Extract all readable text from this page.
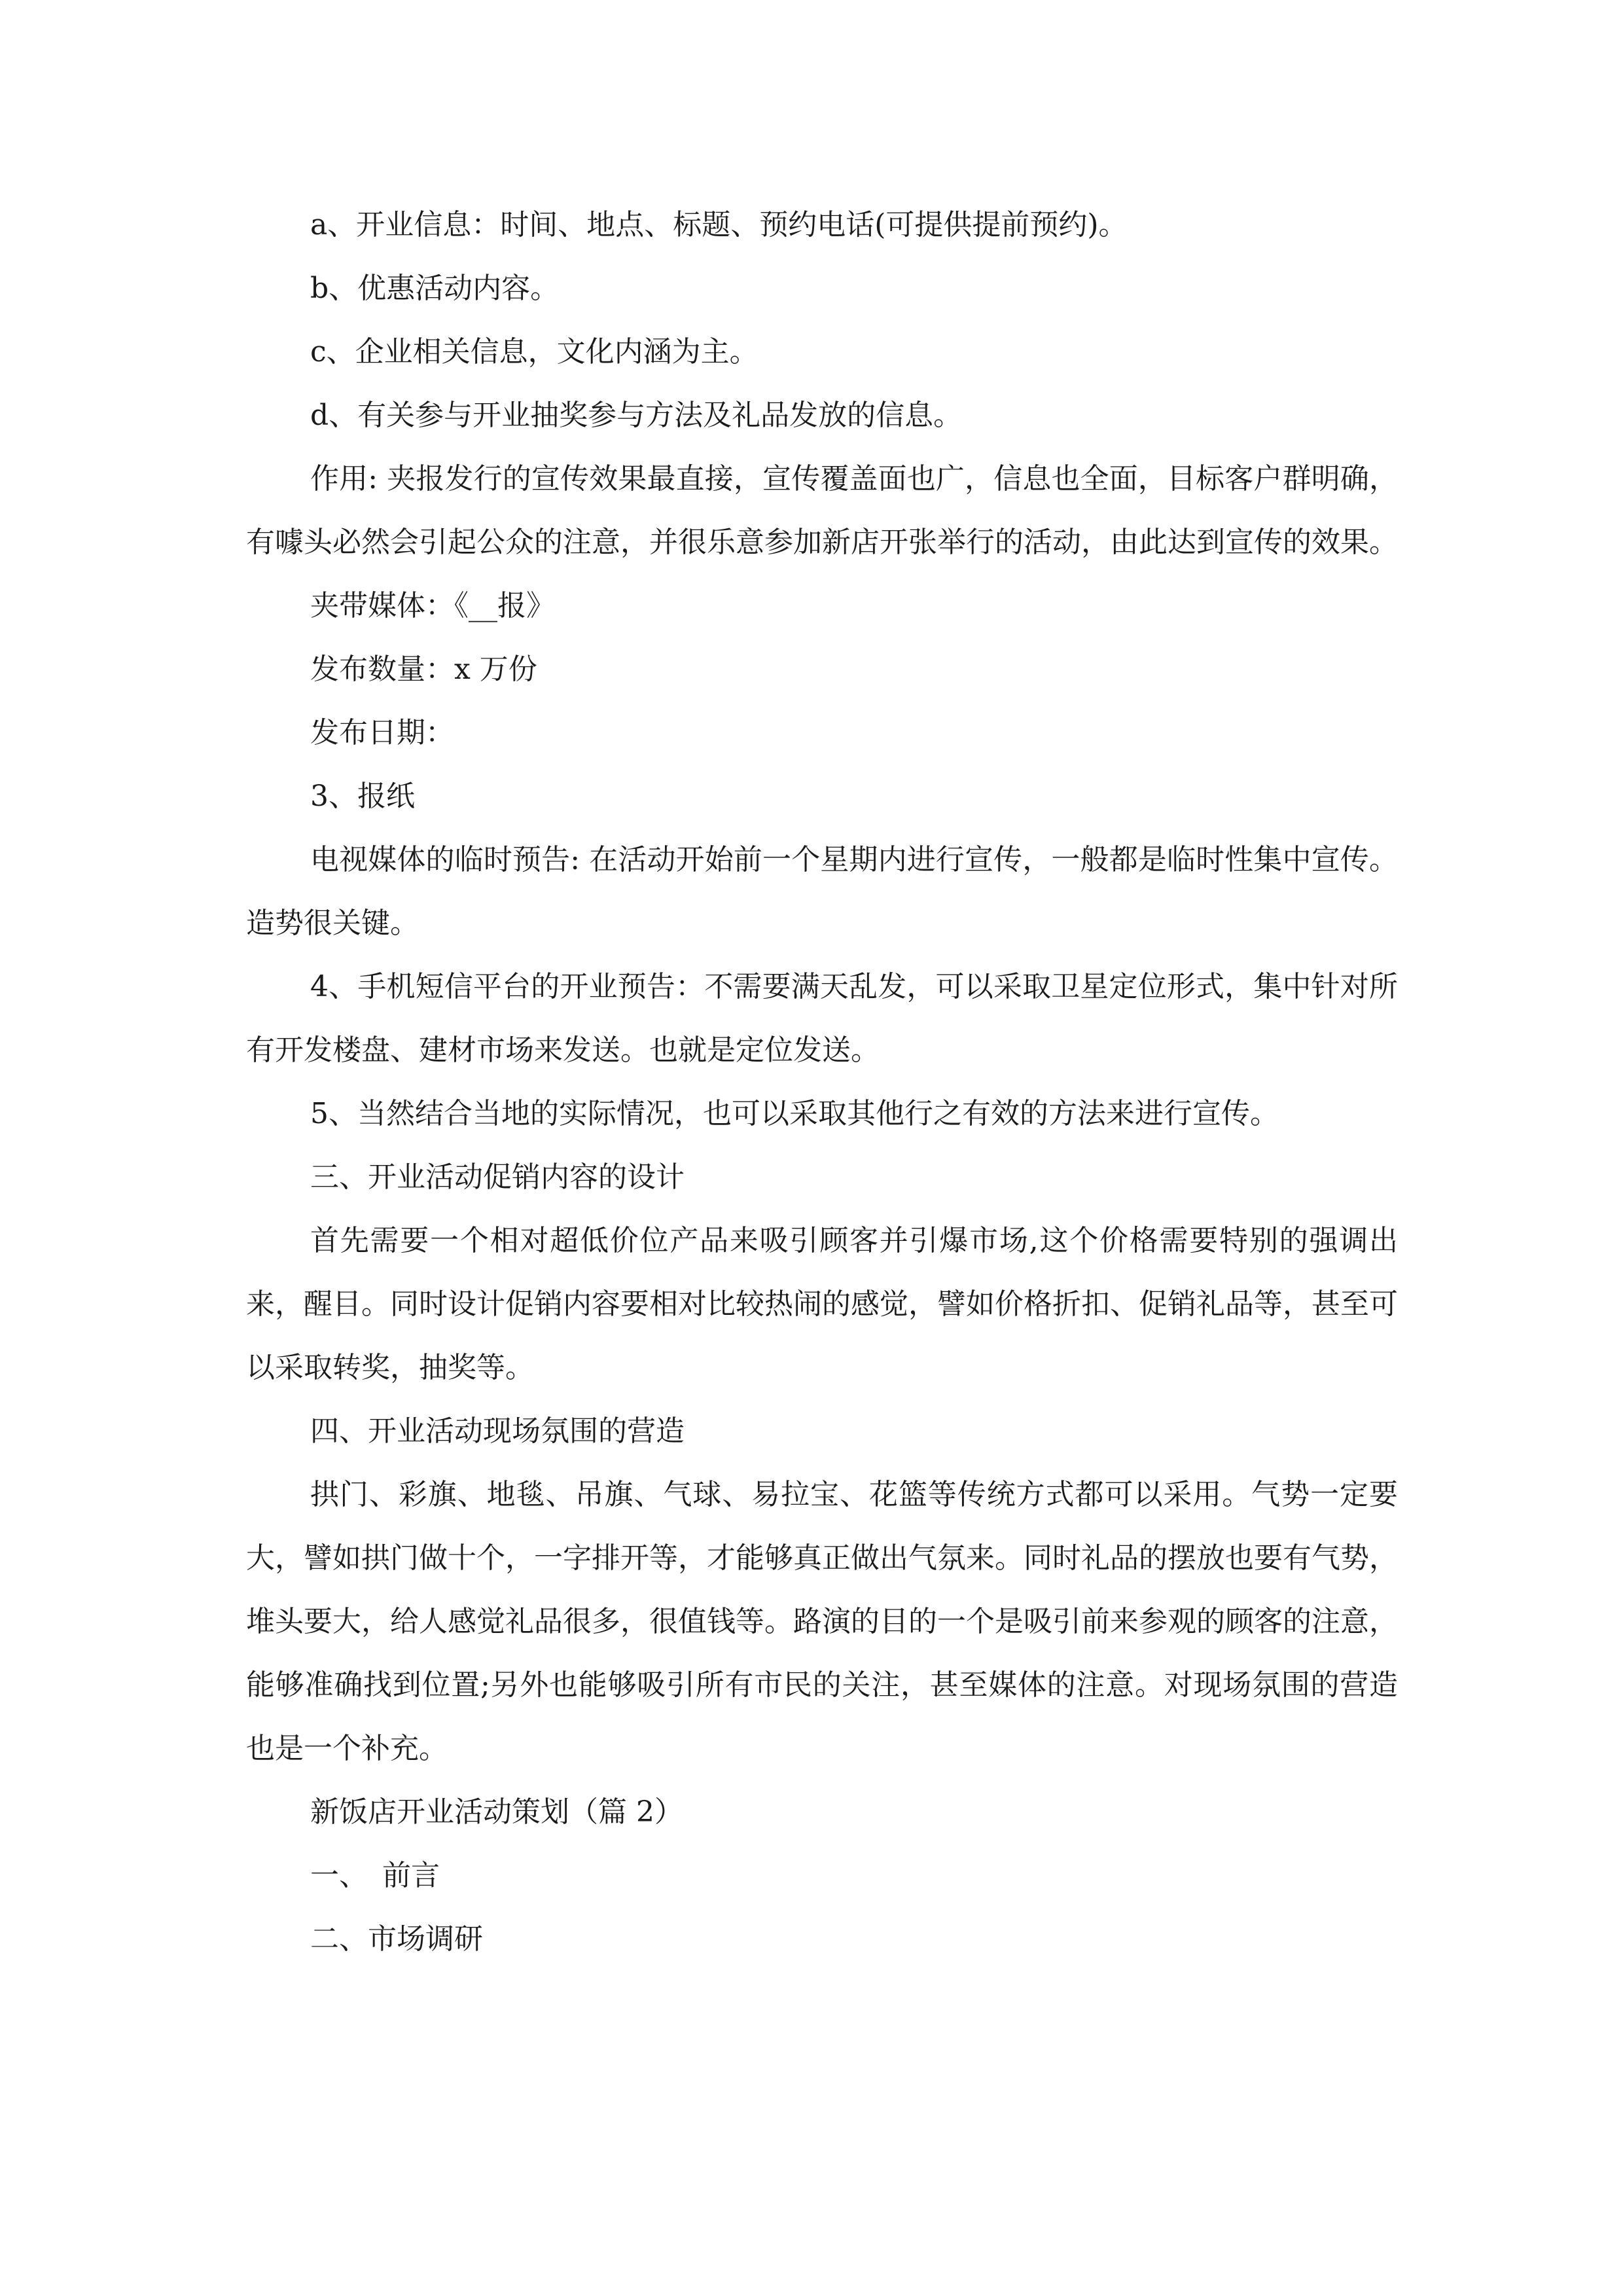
a、开业信息：时间、地点、标题、预约电话(可提供提前预约)。

b、优惠活动内容。

c、企业相关信息，文化内涵为主。

d、有关参与开业抽奖参与方法及礼品发放的信息。

作用: 夹报发行的宣传效果最直接，宣传覆盖面也广，信息也全面，目标客户群明确，有噱头必然会引起公众的注意，并很乐意参加新店开张举行的活动，由此达到宣传的效果。

夹带媒体：《__报》

发布数量：x 万份

发布日期：

3、报纸

电视媒体的临时预告: 在活动开始前一个星期内进行宣传，一般都是临时性集中宣传。造势很关键。

4、手机短信平台的开业预告：不需要满天乱发，可以采取卫星定位形式，集中针对所有开发楼盘、建材市场来发送。也就是定位发送。

5、当然结合当地的实际情况，也可以采取其他行之有效的方法来进行宣传。

三、开业活动促销内容的设计

首先需要一个相对超低价位产品来吸引顾客并引爆市场,这个价格需要特别的强调出来，醒目。同时设计促销内容要相对比较热闹的感觉，譬如价格折扣、促销礼品等，甚至可以采取转奖，抽奖等。

四、开业活动现场氛围的营造

拱门、彩旗、地毯、吊旗、气球、易拉宝、花篮等传统方式都可以采用。气势一定要大，譬如拱门做十个，一字排开等，才能够真正做出气氛来。同时礼品的摆放也要有气势，堆头要大，给人感觉礼品很多，很值钱等。路演的目的一个是吸引前来参观的顾客的注意，能够准确找到位置;另外也能够吸引所有市民的关注，甚至媒体的注意。对现场氛围的营造也是一个补充。

新饭店开业活动策划（篇 2）

一、　前言

二、市场调研
